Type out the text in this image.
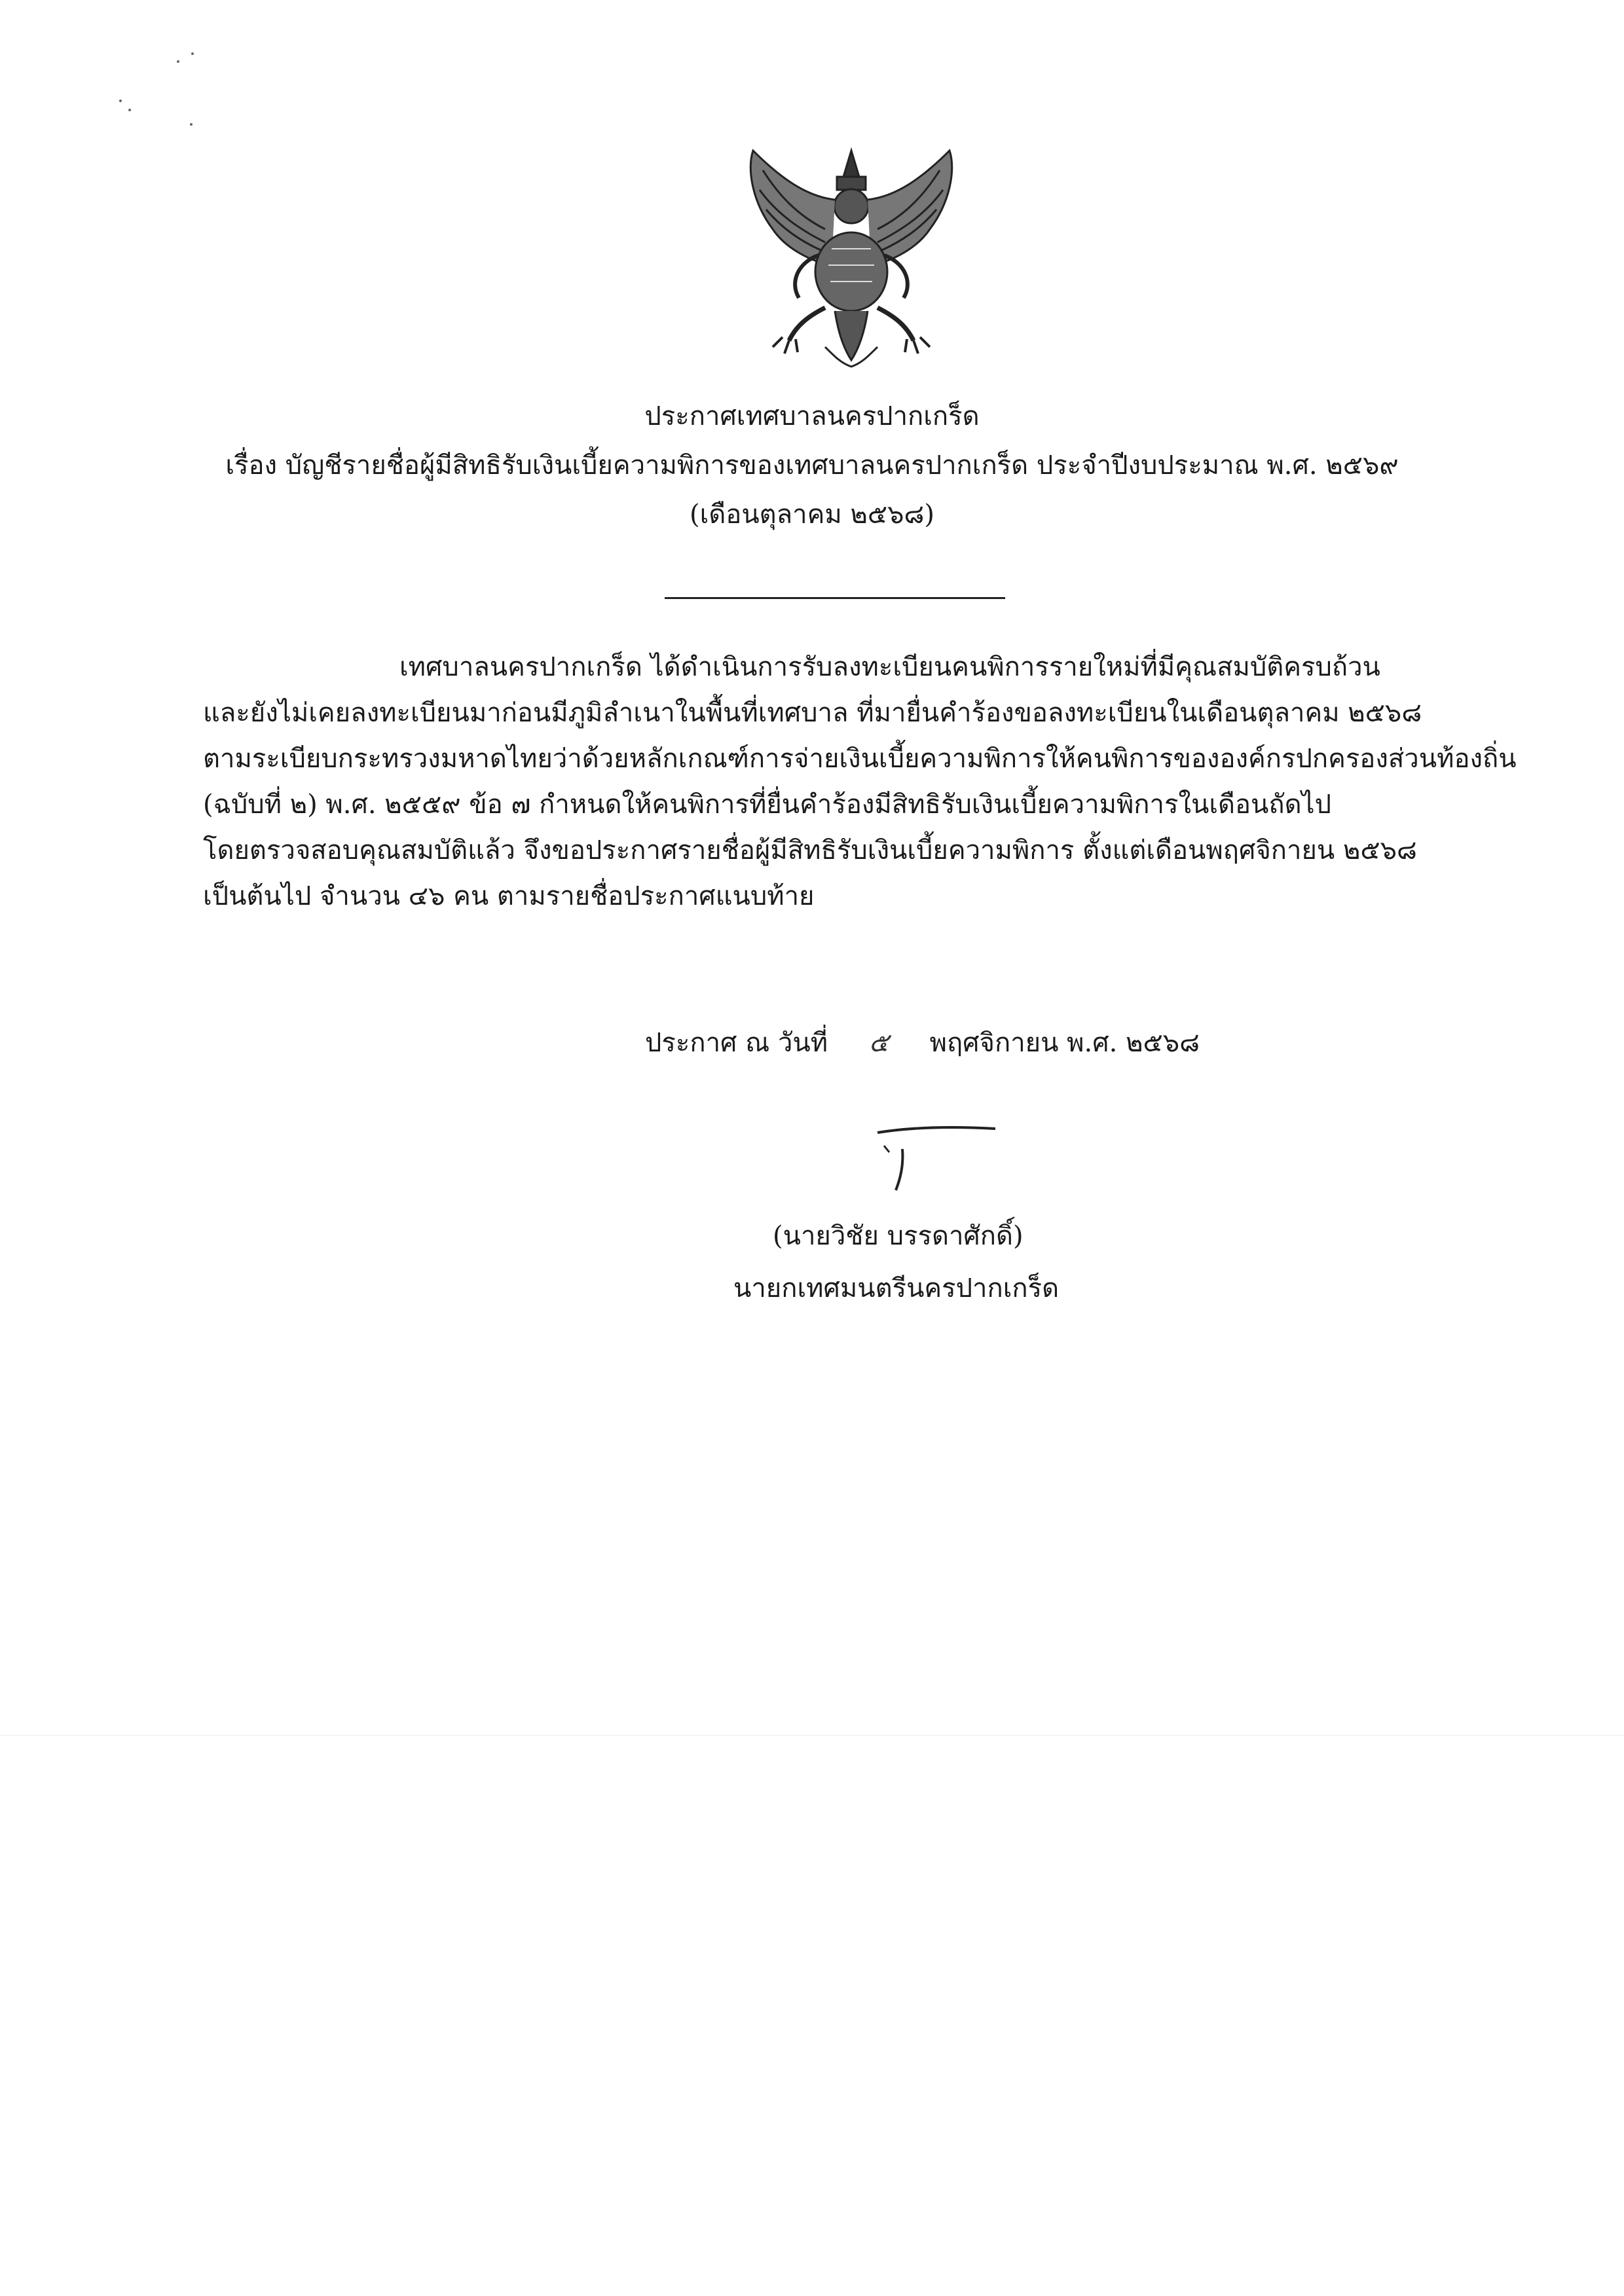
ประกาศเทศบาลนครปากเกร็ด
เรื่อง บัญชีรายชื่อผู้มีสิทธิรับเงินเบี้ยความพิการของเทศบาลนครปากเกร็ด ประจำปีงบประมาณ พ.ศ. ๒๕๖๙
(เดือนตุลาคม ๒๕๖๘)

เทศบาลนครปากเกร็ด ได้ดำเนินการรับลงทะเบียนคนพิการรายใหม่ที่มีคุณสมบัติครบถ้วน

และยังไม่เคยลงทะเบียนมาก่อนมีภูมิลำเนาในพื้นที่เทศบาล ที่มายื่นคำร้องขอลงทะเบียนในเดือนตุลาคม ๒๕๖๘

ตามระเบียบกระทรวงมหาดไทยว่าด้วยหลักเกณฑ์การจ่ายเงินเบี้ยความพิการให้คนพิการขององค์กรปกครองส่วนท้องถิ่น

(ฉบับที่ ๒) พ.ศ. ๒๕๕๙ ข้อ ๗ กำหนดให้คนพิการที่ยื่นคำร้องมีสิทธิรับเงินเบี้ยความพิการในเดือนถัดไป

โดยตรวจสอบคุณสมบัติแล้ว จึงขอประกาศรายชื่อผู้มีสิทธิรับเงินเบี้ยความพิการ ตั้งแต่เดือนพฤศจิกายน ๒๕๖๘

เป็นต้นไป จำนวน ๔๖ คน ตามรายชื่อประกาศแนบท้าย

ประกาศ ณ วันที่ ๕ พฤศจิกายน พ.ศ. ๒๕๖๘
(นายวิชัย บรรดาศักดิ์)
นายกเทศมนตรีนครปากเกร็ด
